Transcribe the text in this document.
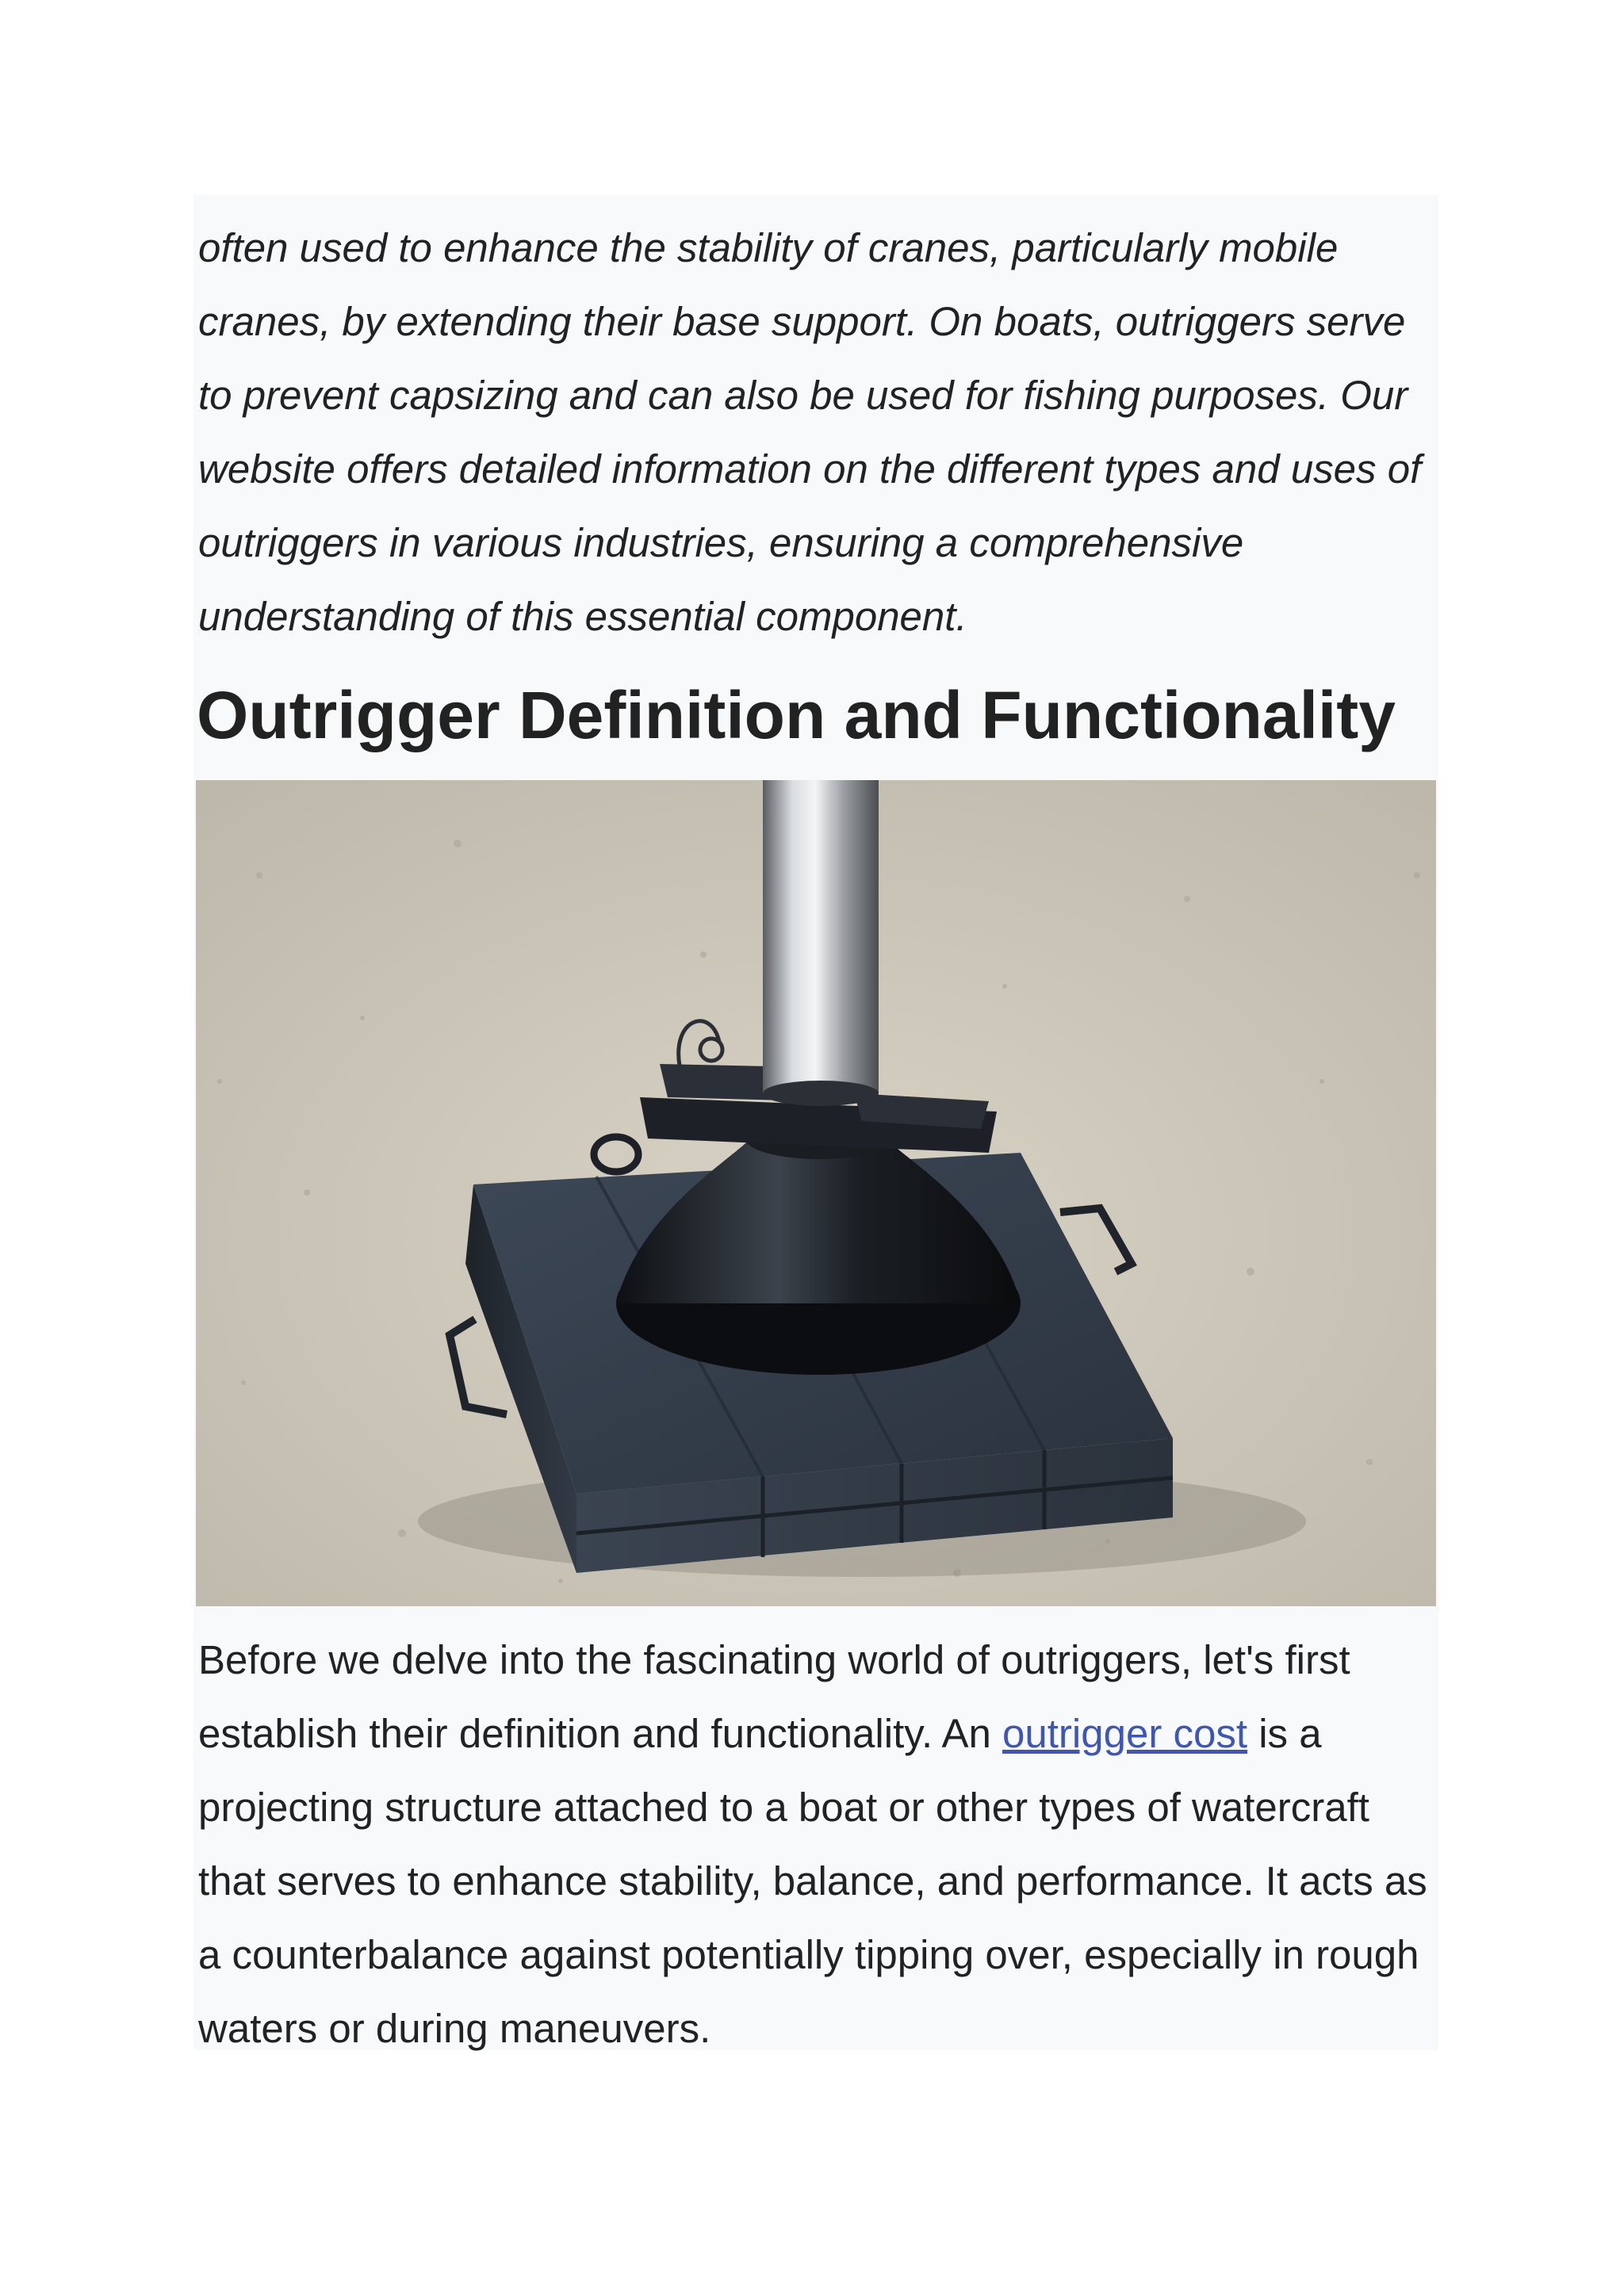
often used to enhance the stability of cranes, particularly mobile cranes, by extending their base support. On boats, outriggers serve to prevent capsizing and can also be used for fishing purposes. Our website offers detailed information on the different types and uses of outriggers in various industries, ensuring a comprehensive understanding of this essential component.

Outrigger Definition and Functionality

Before we delve into the fascinating world of outriggers, let's first establish their definition and functionality. An outrigger cost is a projecting structure attached to a boat or other types of watercraft that serves to enhance stability, balance, and performance. It acts as a counterbalance against potentially tipping over, especially in rough waters or during maneuvers.
